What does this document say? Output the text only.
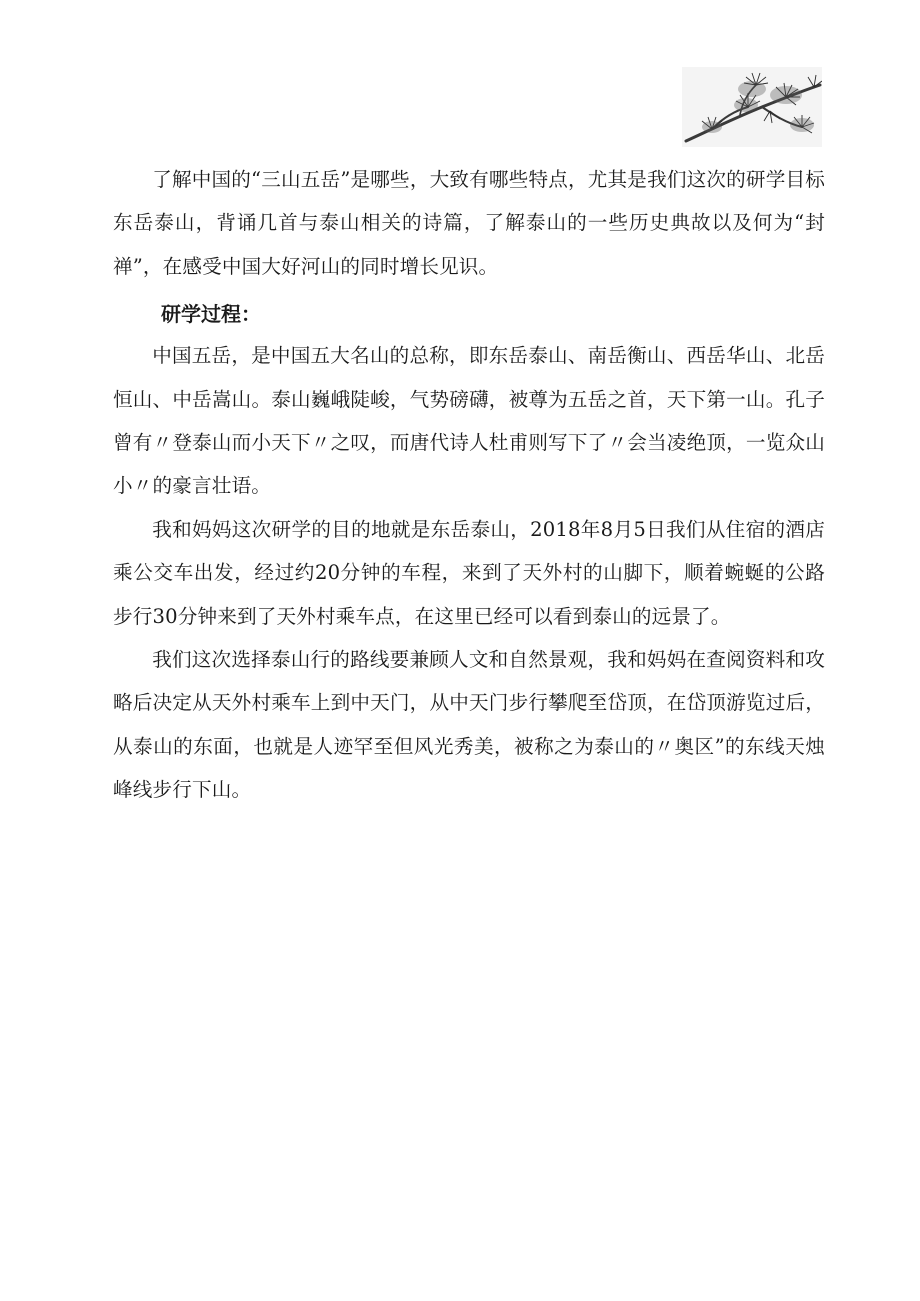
了解中国的“三山五岳”是哪些，大致有哪些特点，尤其是我们这次的研学目标东岳泰山，背诵几首与泰山相关的诗篇，了解泰山的一些历史典故以及何为“封禅”，在感受中国大好河山的同时增长见识。

研学过程：

中国五岳，是中国五大名山的总称，即东岳泰山、南岳衡山、西岳华山、北岳恒山、中岳嵩山。泰山巍峨陡峻，气势磅礴，被尊为五岳之首，天下第一山。孔子曾有〃登泰山而小天下〃之叹，而唐代诗人杜甫则写下了〃会当凌绝顶，一览众山小〃的豪言壮语。

我和妈妈这次研学的目的地就是东岳泰山，2018年8月5日我们从住宿的酒店乘公交车出发，经过约20分钟的车程，来到了天外村的山脚下，顺着蜿蜒的公路步行30分钟来到了天外村乘车点，在这里已经可以看到泰山的远景了。

我们这次选择泰山行的路线要兼顾人文和自然景观，我和妈妈在查阅资料和攻略后决定从天外村乘车上到中天门，从中天门步行攀爬至岱顶，在岱顶游览过后，从泰山的东面，也就是人迹罕至但风光秀美，被称之为泰山的〃奥区”的东线天烛峰线步行下山。
